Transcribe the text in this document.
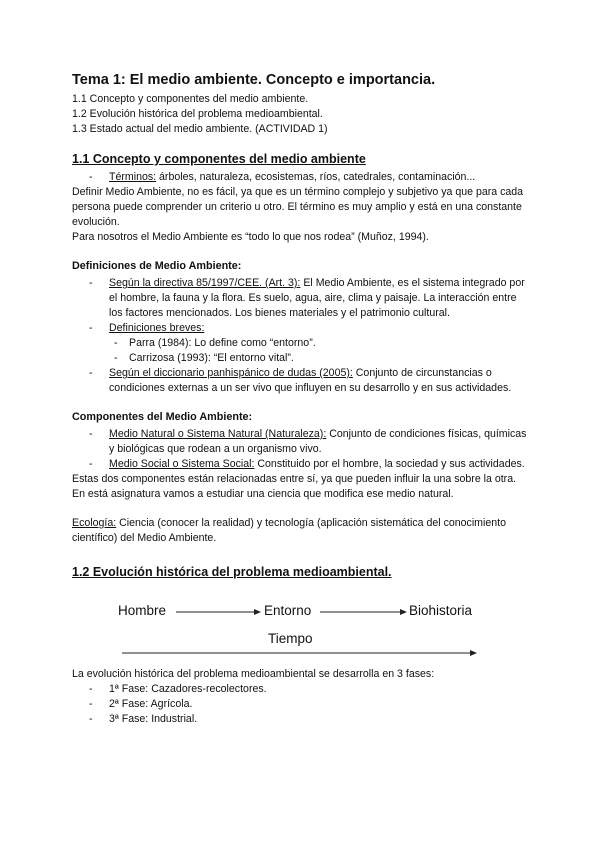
Tema 1: El medio ambiente. Concepto e importancia.

1.1 Concepto y componentes del medio ambiente.

1.2 Evolución histórica del problema medioambiental.

1.3 Estado actual del medio ambiente. (ACTIVIDAD 1)

1.1 Concepto y componentes del medio ambiente
- Términos: árboles, naturaleza, ecosistemas, ríos, catedrales, contaminación...

Definir Medio Ambiente, no es fácil, ya que es un término complejo y subjetivo ya que para cada persona puede comprender un criterio u otro. El término es muy amplio y está en una constante evolución.

Para nosotros el Medio Ambiente es “todo lo que nos rodea” (Muñoz, 1994).

Definiciones de Medio Ambiente:
- Según la directiva 85/1997/CEE. (Art. 3): El Medio Ambiente, es el sistema integrado por el hombre, la fauna y la flora. Es suelo, agua, aire, clima y paisaje. La interacción entre los factores mencionados. Los bienes materiales y el patrimonio cultural.
- Definiciones breves:
- Parra (1984): Lo define como “entorno”.
- Carrizosa (1993): “El entorno vital”.
- Según el diccionario panhispánico de dudas (2005): Conjunto de circunstancias o condiciones externas a un ser vivo que influyen en su desarrollo y en sus actividades.
Componentes del Medio Ambiente:
- Medio Natural o Sistema Natural (Naturaleza): Conjunto de condiciones físicas, químicas y biológicas que rodean a un organismo vivo.
- Medio Social o Sistema Social: Constituido por el hombre, la sociedad y sus actividades.

Estas dos componentes están relacionadas entre sí, ya que pueden influir la una sobre la otra.

En está asignatura vamos a estudiar una ciencia que modifica ese medio natural.

Ecología: Ciencia (conocer la realidad) y tecnología (aplicación sistemática del conocimiento científico) del Medio Ambiente.

1.2 Evolución histórica del problema medioambiental.
Hombre	Entorno	Biohistoria
Tiempo

La evolución histórica del problema medioambiental se desarrolla en 3 fases:

- 1ª Fase: Cazadores-recolectores.
- 2ª Fase: Agrícola.
- 3ª Fase: Industrial.
